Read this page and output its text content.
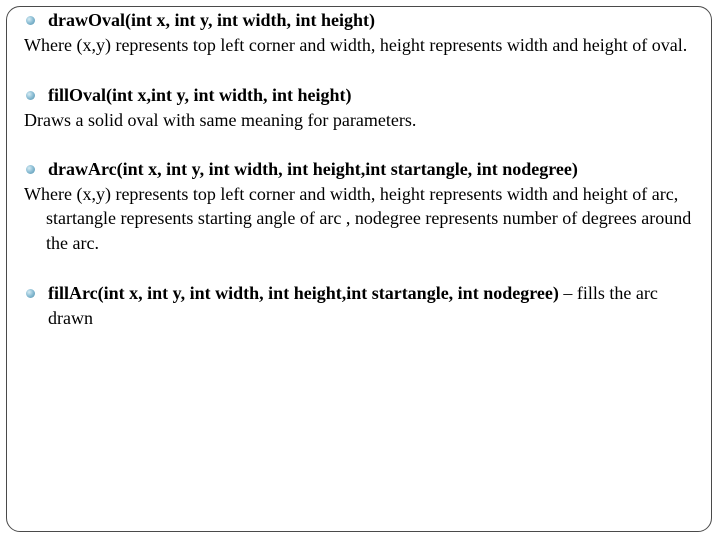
drawOval(int x, int y, int width, int height)
Where (x,y) represents top left corner and width, height represents width and height of oval.
fillOval(int x,int y, int width, int height)
Draws a solid oval with same meaning for parameters.
drawArc(int x, int y, int width, int height,int startangle, int nodegree)
Where (x,y) represents top left corner and width, height represents width and height of arc, startangle represents starting angle of arc , nodegree represents number of degrees around the arc.
fillArc(int x, int y, int width, int height,int startangle, int nodegree) – fills the arc drawn
